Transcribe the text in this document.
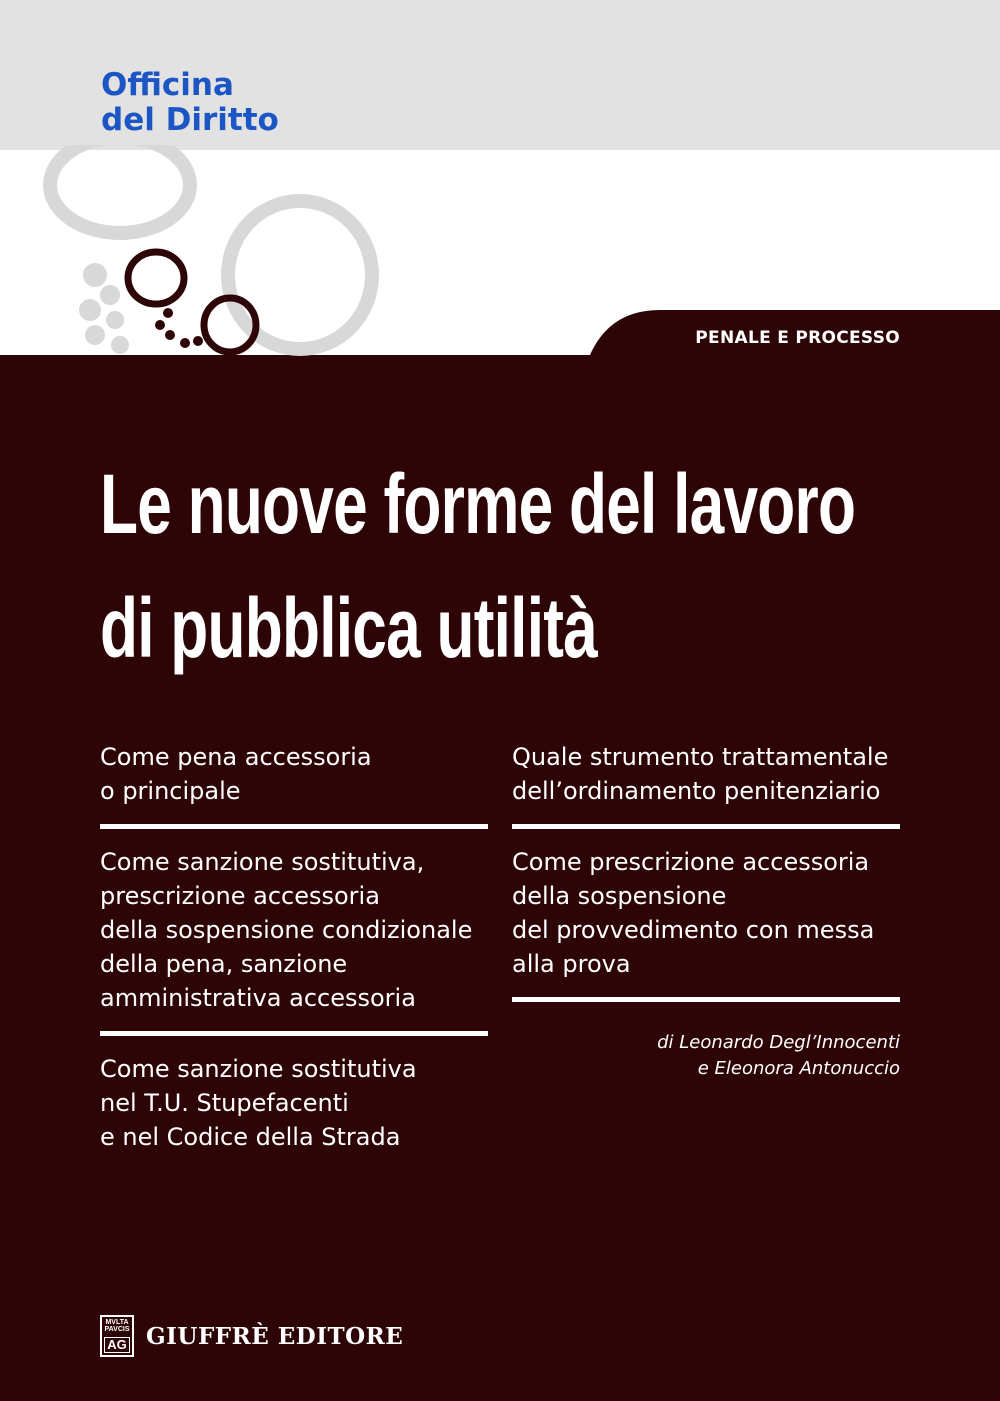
Officina
del Diritto
PENALE E PROCESSO
Le nuove forme del lavoro
di pubblica utilità
Come pena accessoria
o principale
Come sanzione sostitutiva,
prescrizione accessoria
della sospensione condizionale
della pena, sanzione
amministrativa accessoria
Come sanzione sostitutiva
nel T.U. Stupefacenti
e nel Codice della Strada
Quale strumento trattamentale
dell’ordinamento penitenziario
Come prescrizione accessoria
della sospensione
del provvedimento con messa
alla prova
di Leonardo Degl’Innocenti
e Eleonora Antonuccio
MVLTA PAVCIS
AG GIUFFRÈ EDITORE
